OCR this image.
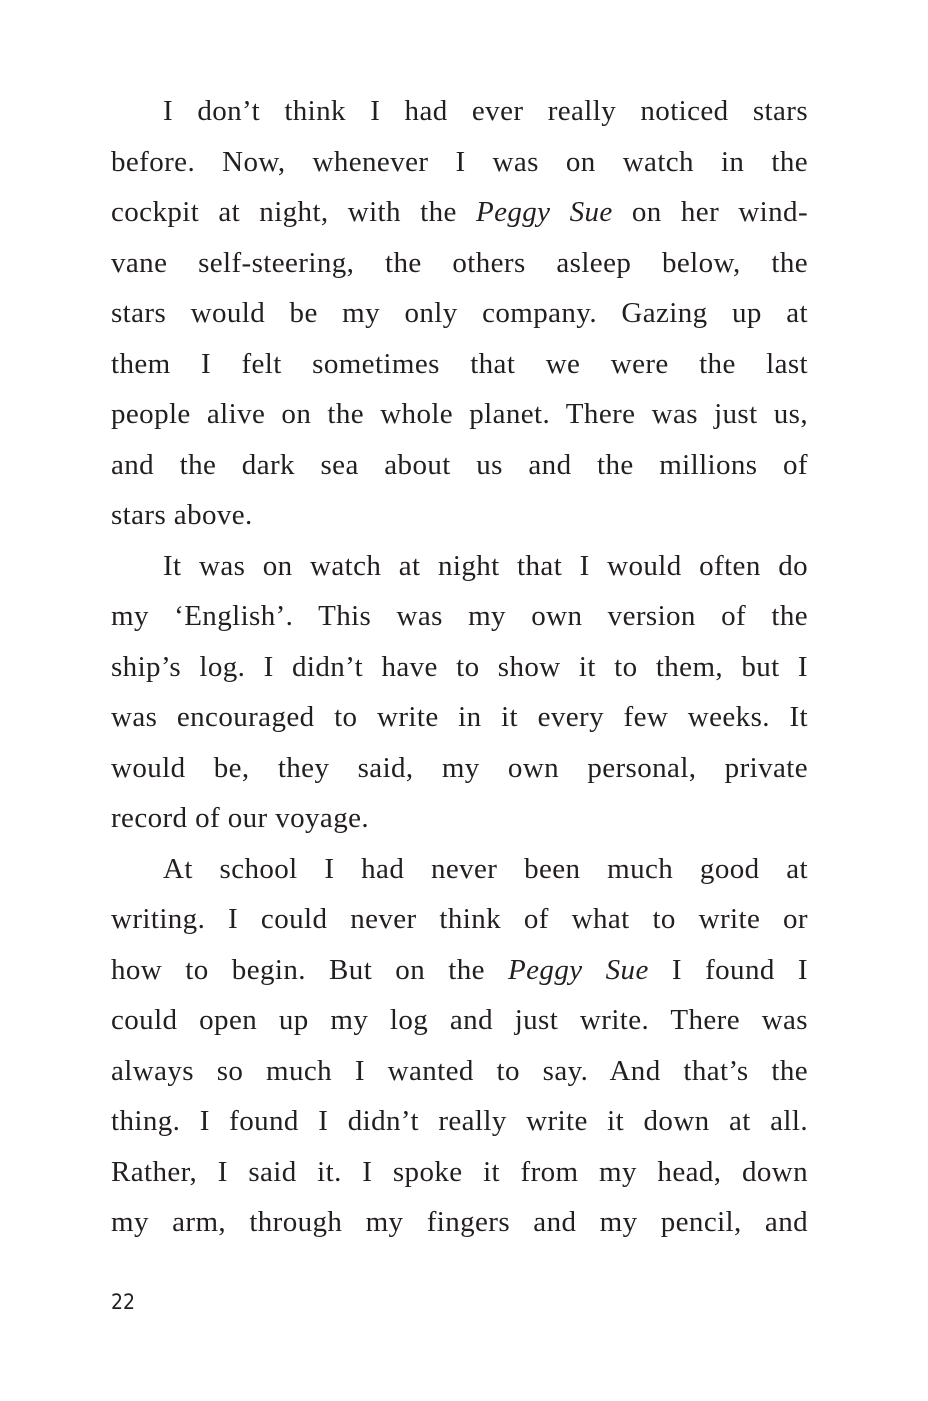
I don’t think I had ever really noticed stars
before. Now, whenever I was on watch in the
cockpit at night, with the Peggy Sue on her wind-
vane self-steering, the others asleep below, the
stars would be my only company. Gazing up at
them I felt sometimes that we were the last
people alive on the whole planet. There was just us,
and the dark sea about us and the millions of
stars above.
It was on watch at night that I would often do
my ‘English’. This was my own version of the
ship’s log. I didn’t have to show it to them, but I
was encouraged to write in it every few weeks. It
would be, they said, my own personal, private
record of our voyage.
At school I had never been much good at
writing. I could never think of what to write or
how to begin. But on the Peggy Sue I found I
could open up my log and just write. There was
always so much I wanted to say. And that’s the
thing. I found I didn’t really write it down at all.
Rather, I said it. I spoke it from my head, down
my arm, through my fingers and my pencil, and
22
